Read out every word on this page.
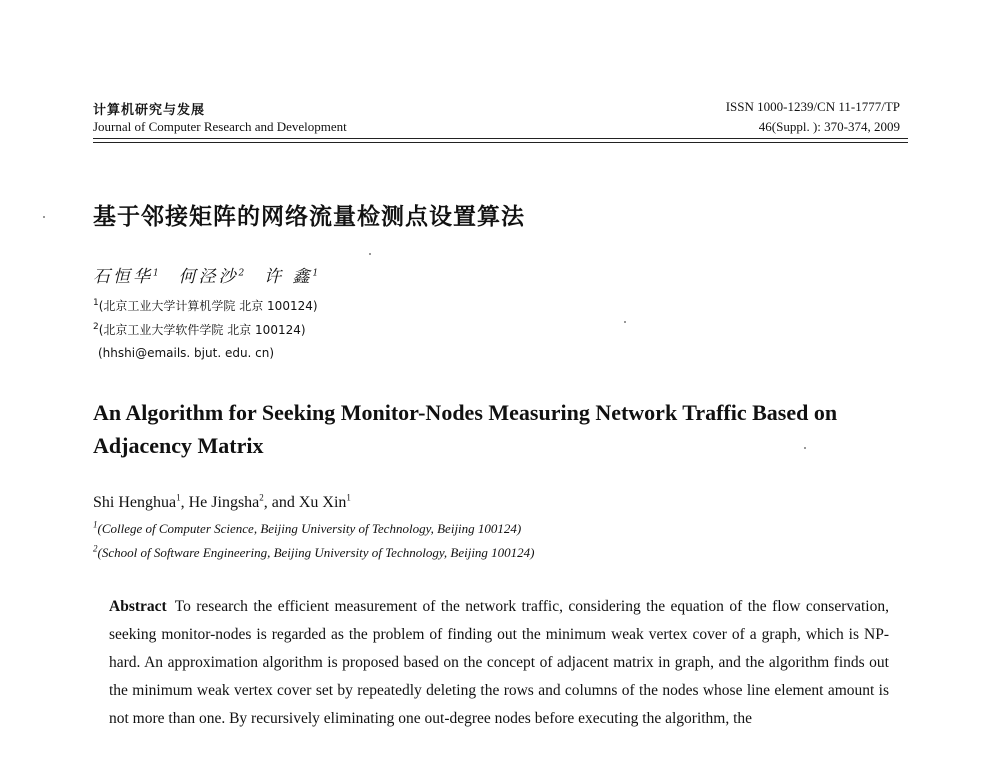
计算机研究与发展
Journal of Computer Research and Development
ISSN 1000-1239/CN 11-1777/TP
46(Suppl. ): 370-374, 2009
基于邻接矩阵的网络流量检测点设置算法
石恒华$^1$ 何泾沙$^2$ 许 鑫$^1$
$^1$(北京工业大学计算机学院 北京 100124)
$^2$(北京工业大学软件学院 北京 100124)
(hhshi@emails. bjut. edu. cn)
An Algorithm for Seeking Monitor-Nodes Measuring Network Traffic Based on Adjacency Matrix
Shi Henghua$^1$, He Jingsha$^2$, and Xu Xin$^1$
$^1$(College of Computer Science, Beijing University of Technology, Beijing 100124)
$^2$(School of Software Engineering, Beijing University of Technology, Beijing 100124)
Abstract To research the efficient measurement of the network traffic, considering the equation of the flow conservation, seeking monitor-nodes is regarded as the problem of finding out the minimum weak vertex cover of a graph, which is NP-hard. An approximation algorithm is proposed based on the concept of adjacent matrix in graph, and the algorithm finds out the minimum weak vertex cover set by repeatedly deleting the rows and columns of the nodes whose line element amount is not more than one. By recursively eliminating one out-degree nodes before executing the algorithm, the
